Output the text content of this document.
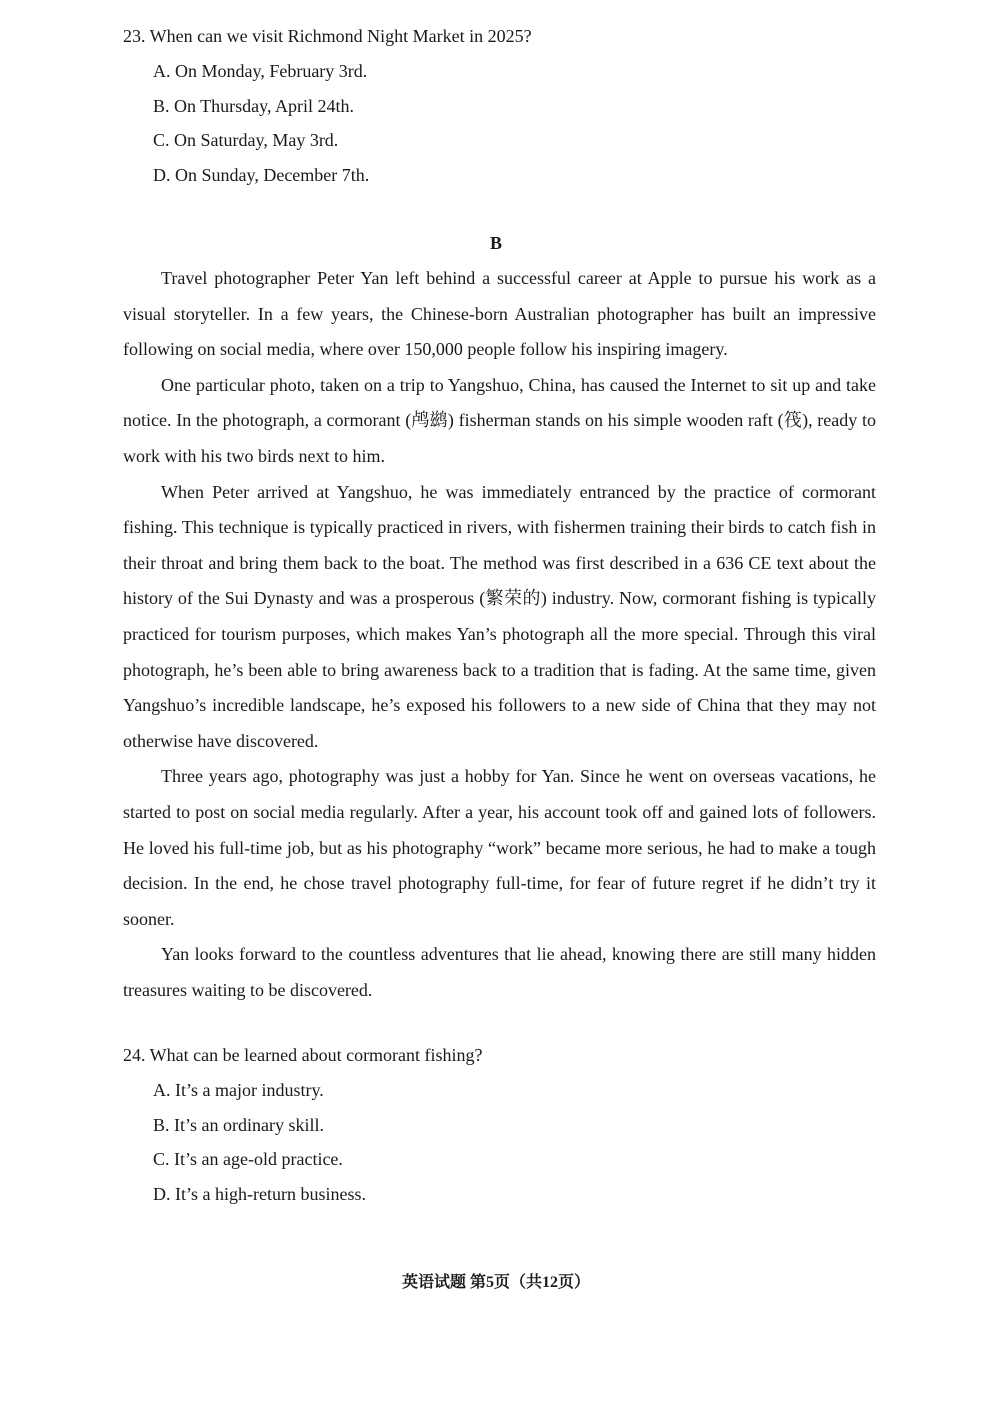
23. When can we visit Richmond Night Market in 2025?

A. On Monday, February 3rd.
B. On Thursday, April 24th.
C. On Saturday, May 3rd.
D. On Sunday, December 7th.
B

Travel photographer Peter Yan left behind a successful career at Apple to pursue his work as a visual storyteller. In a few years, the Chinese-born Australian photographer has built an impressive following on social media, where over 150,000 people follow his inspiring imagery.

One particular photo, taken on a trip to Yangshuo, China, has caused the Internet to sit up and take notice. In the photograph, a cormorant (鸬鹚) fisherman stands on his simple wooden raft (筏), ready to work with his two birds next to him.

When Peter arrived at Yangshuo, he was immediately entranced by the practice of cormorant fishing. This technique is typically practiced in rivers, with fishermen training their birds to catch fish in their throat and bring them back to the boat. The method was first described in a 636 CE text about the history of the Sui Dynasty and was a prosperous (繁荣的) industry. Now, cormorant fishing is typically practiced for tourism purposes, which makes Yan’s photograph all the more special. Through this viral photograph, he’s been able to bring awareness back to a tradition that is fading. At the same time, given Yangshuo’s incredible landscape, he’s exposed his followers to a new side of China that they may not otherwise have discovered.

Three years ago, photography was just a hobby for Yan. Since he went on overseas vacations, he started to post on social media regularly. After a year, his account took off and gained lots of followers. He loved his full-time job, but as his photography “work” became more serious, he had to make a tough decision. In the end, he chose travel photography full-time, for fear of future regret if he didn’t try it sooner.

Yan looks forward to the countless adventures that lie ahead, knowing there are still many hidden treasures waiting to be discovered.

24. What can be learned about cormorant fishing?

A. It’s a major industry.
B. It’s an ordinary skill.
C. It’s an age-old practice.
D. It’s a high-return business.
英语试题 第5页（共12页）
